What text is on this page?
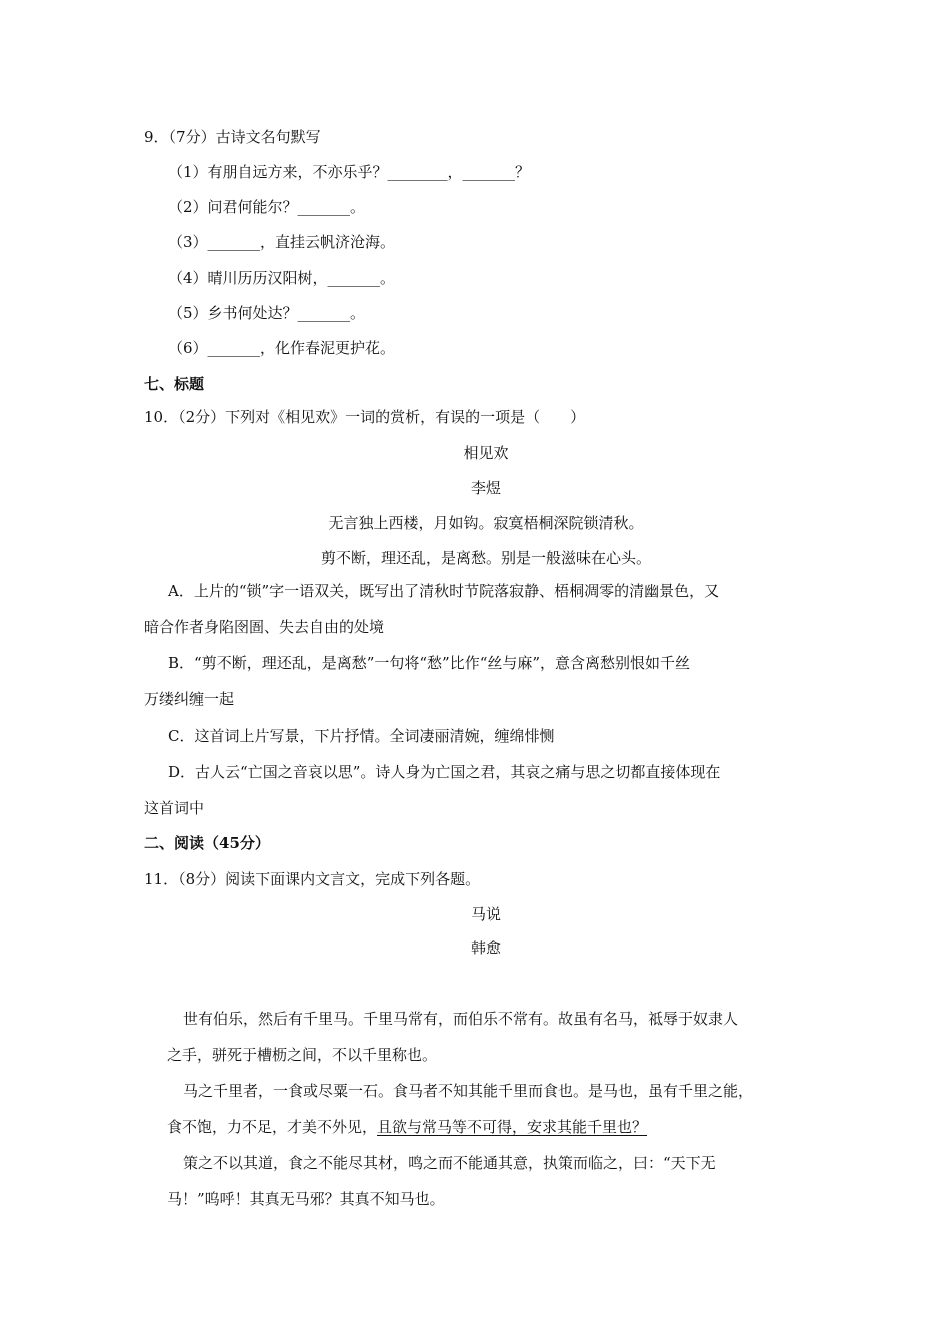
9．（7分）古诗文名句默写
（1）有朋自远方来，不亦乐乎？________，_______？
（2）问君何能尔？_______。
（3）_______，直挂云帆济沧海。
（4）晴川历历汉阳树，_______。
（5）乡书何处达？_______。
（6）_______，化作春泥更护花。
七、标题
10．（2分）下列对《相见欢》一词的赏析，有误的一项是（　　）
相见欢
李煜
无言独上西楼，月如钩。寂寞梧桐深院锁清秋。
剪不断，理还乱，是离愁。别是一般滋味在心头。
A．上片的“锁”字一语双关，既写出了清秋时节院落寂静、梧桐凋零的清幽景色，又
暗合作者身陷囹圄、失去自由的处境
B．“剪不断，理还乱，是离愁”一句将“愁”比作“丝与麻”，意含离愁别恨如千丝
万缕纠缠一起
C．这首词上片写景，下片抒情。全词凄丽清婉，缠绵悱恻
D．古人云“亡国之音哀以思”。诗人身为亡国之君，其哀之痛与思之切都直接体现在
这首词中
二、阅读（45分）
11．（8分）阅读下面课内文言文，完成下列各题。
马说
韩愈
世有伯乐，然后有千里马。千里马常有，而伯乐不常有。故虽有名马，祗辱于奴隶人
之手，骈死于槽枥之间，不以千里称也。
马之千里者，一食或尽粟一石。食马者不知其能千里而食也。是马也，虽有千里之能，
食不饱，力不足，才美不外见，且欲与常马等不可得，安求其能千里也？
策之不以其道，食之不能尽其材，鸣之而不能通其意，执策而临之，曰：“天下无
马！”呜呼！其真无马邪？其真不知马也。
